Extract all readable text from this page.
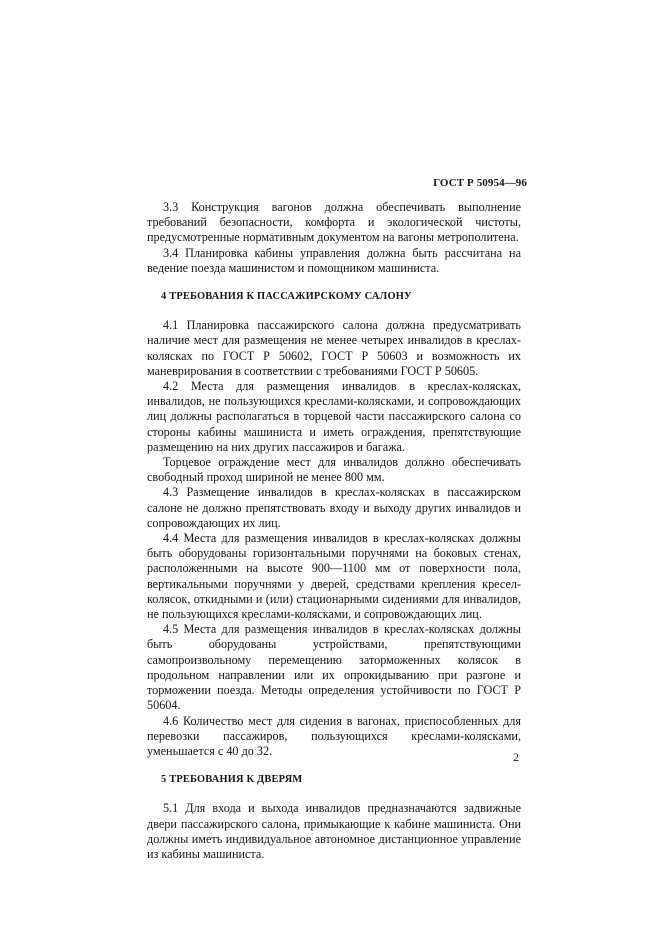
ГОСТ Р 50954—96

3.3 Конструкция вагонов должна обеспечивать выполнение требований безопасности, комфорта и экологической чистоты, предусмотренные нормативным документом на вагоны метрополитена.

3.4 Планировка кабины управления должна быть рассчитана на ведение поезда машинистом и помощником машиниста.

4 ТРЕБОВАНИЯ К ПАССАЖИРСКОМУ САЛОНУ

4.1 Планировка пассажирского салона должна предусматривать наличие мест для размещения не менее четырех инвалидов в креслах-колясках по ГОСТ Р 50602, ГОСТ Р 50603 и возможность их маневрирования в соответствии с требованиями ГОСТ Р 50605.

4.2 Места для размещения инвалидов в креслах-колясках, инвалидов, не пользующихся креслами-колясками, и сопровождающих лиц должны располагаться в торцевой части пассажирского салона со стороны кабины машиниста и иметь ограждения, препятствующие размещению на них других пассажиров и багажа.

Торцевое ограждение мест для инвалидов должно обеспечивать свободный проход шириной не менее 800 мм.

4.3 Размещение инвалидов в креслах-колясках в пассажирском салоне не должно препятствовать входу и выходу других инвалидов и сопровождающих их лиц.

4.4 Места для размещения инвалидов в креслах-колясках должны быть оборудованы горизонтальными поручнями на боковых стенах, расположенными на высоте 900—1100 мм от поверхности пола, вертикальными поручнями у дверей, средствами крепления кресел-колясок, откидными и (или) стационарными сидениями для инвалидов, не пользующихся креслами-колясками, и сопровождающих лиц.

4.5 Места для размещения инвалидов в креслах-колясках должны быть оборудованы устройствами, препятствующими самопроизвольному перемещению заторможенных колясок в продольном направлении или их опрокидыванию при разгоне и торможении поезда. Методы определения устойчивости по ГОСТ Р 50604.

4.6 Количество мест для сидения в вагонах, приспособленных для перевозки пассажиров, пользующихся креслами-колясками, уменьшается с 40 до 32.

5 ТРЕБОВАНИЯ К ДВЕРЯМ

5.1 Для входа и выхода инвалидов предназначаются задвижные двери пассажирского салона, примыкающие к кабине машиниста. Они должны иметь индивидуальное автономное дистанционное управление из кабины машиниста.

2
